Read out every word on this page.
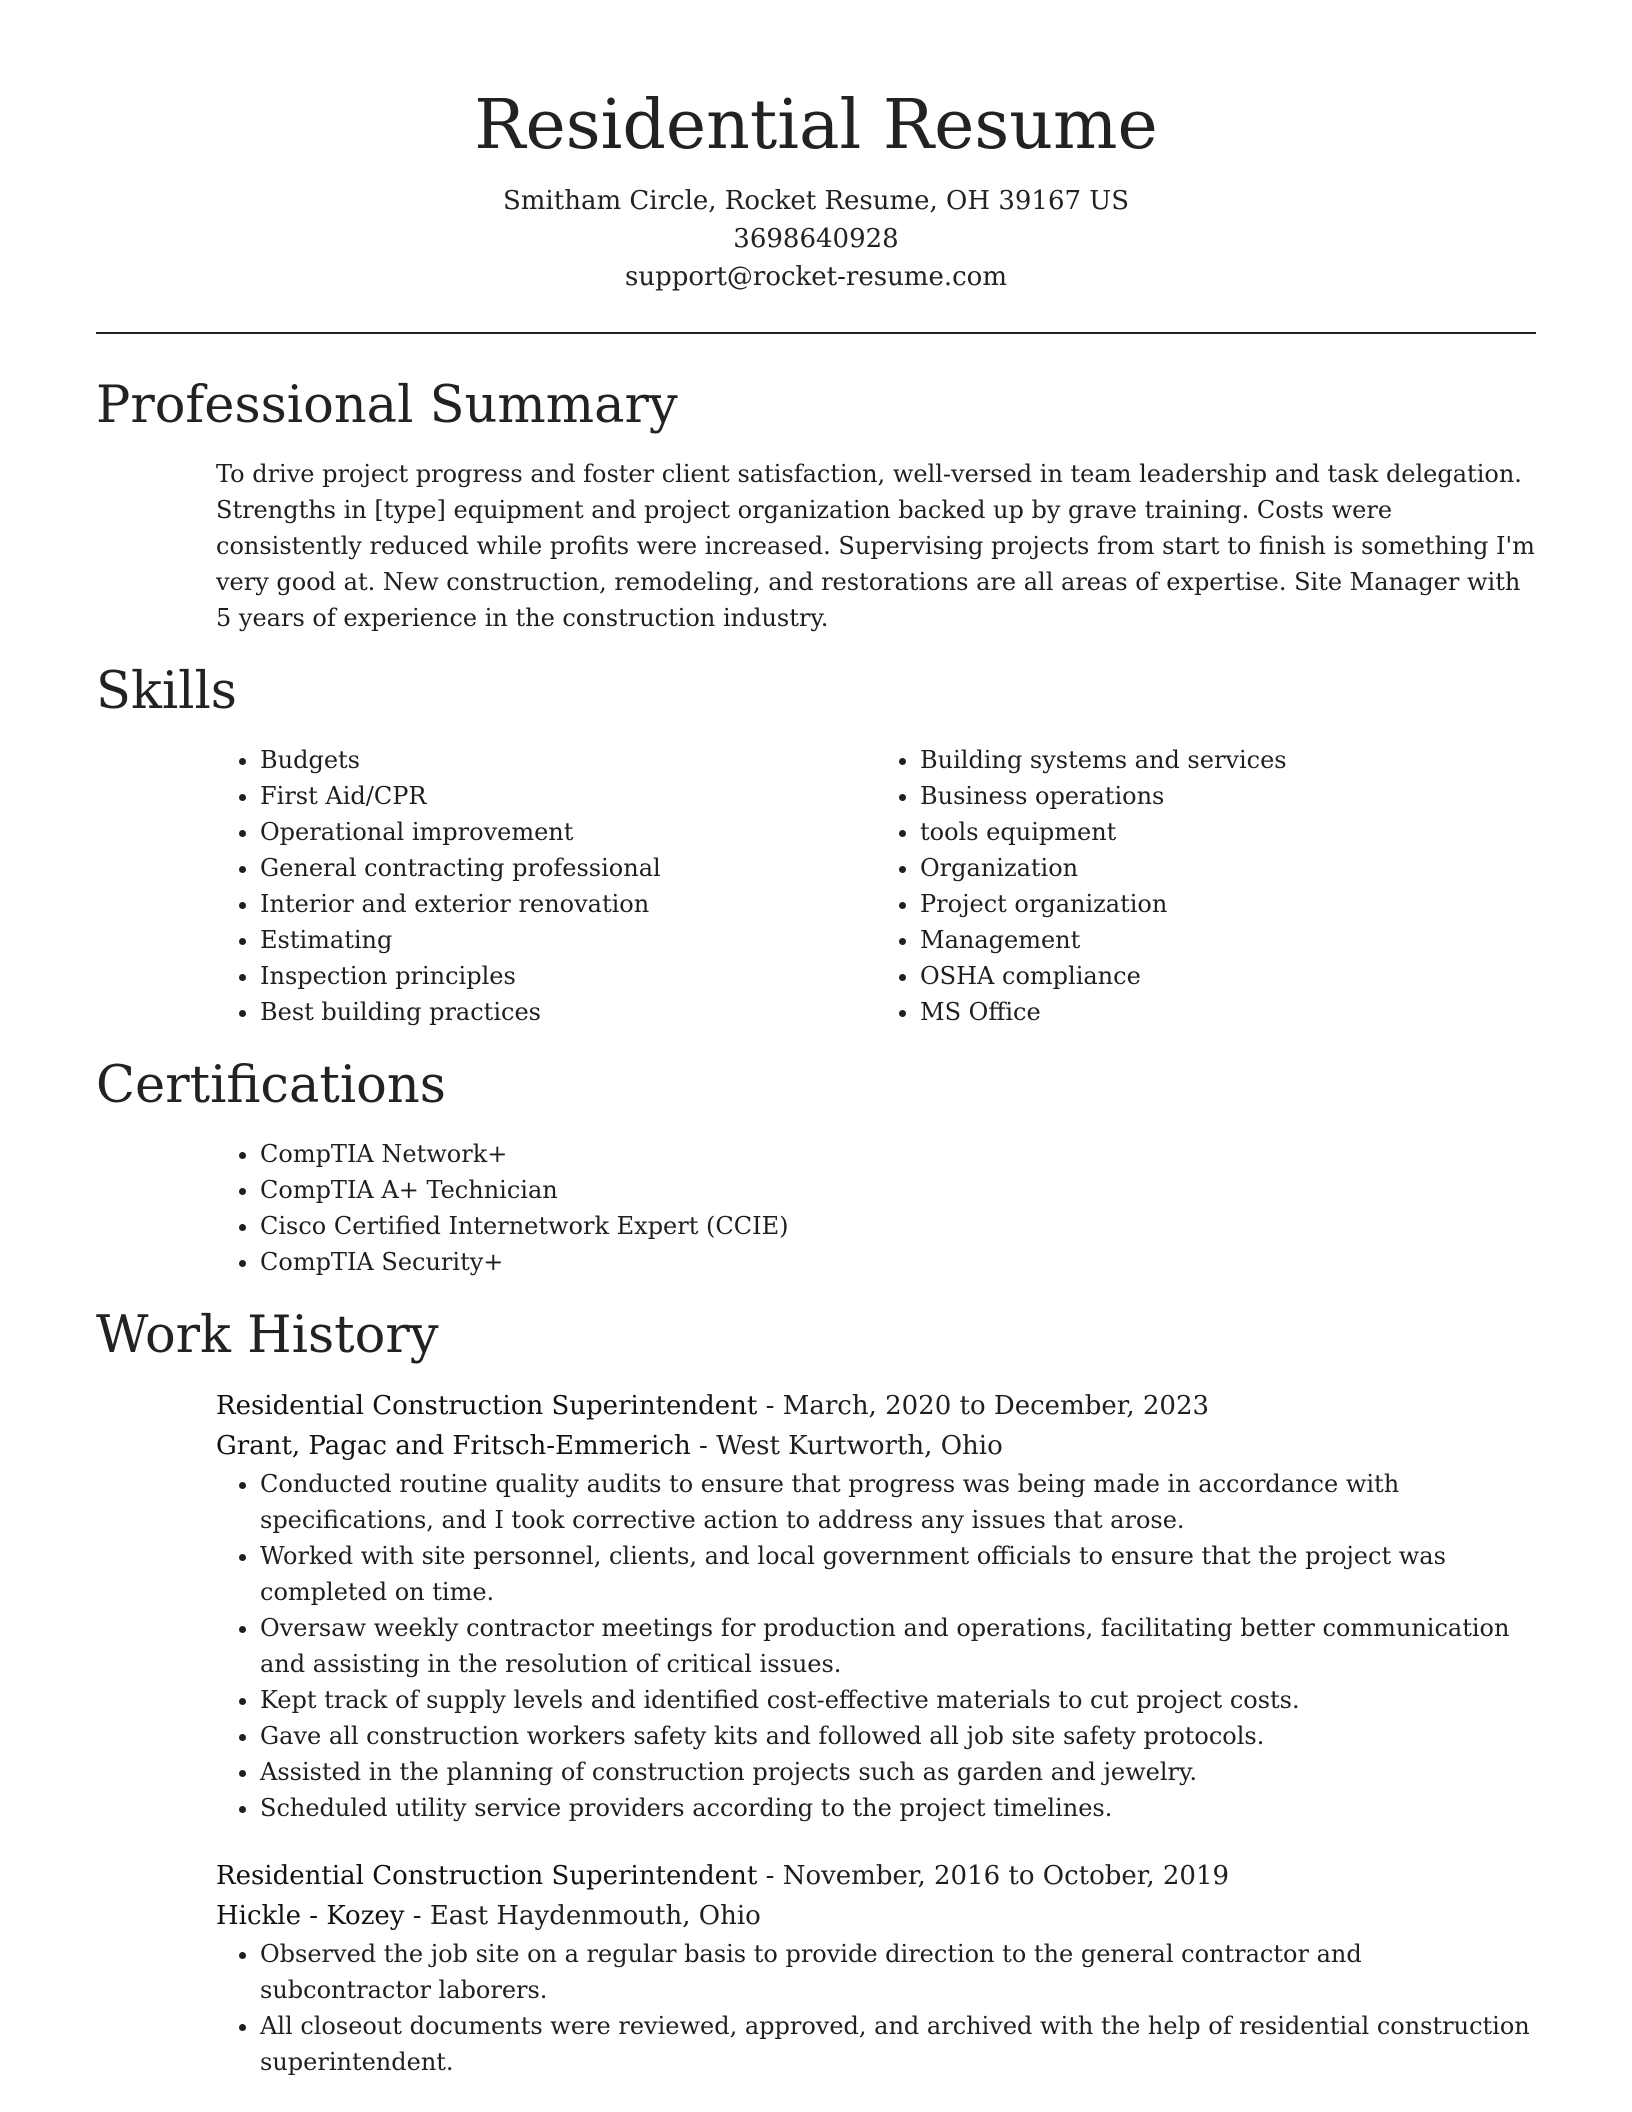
Residential Resume
Smitham Circle, Rocket Resume, OH 39167 US
3698640928
support@rocket-resume.com
Professional Summary

To drive project progress and foster client satisfaction, well-versed in team leadership and task delegation. Strengths in [type] equipment and project organization backed up by grave training. Costs were consistently reduced while profits were increased. Supervising projects from start to finish is something I'm very good at. New construction, remodeling, and restorations are all areas of expertise. Site Manager with 5 years of experience in the construction industry.

Skills
• Budgets
• First Aid/CPR
• Operational improvement
• General contracting professional
• Interior and exterior renovation
• Estimating
• Inspection principles
• Best building practices
• Building systems and services
• Business operations
• tools equipment
• Organization
• Project organization
• Management
• OSHA compliance
• MS Office
Certifications
• CompTIA Network+
• CompTIA A+ Technician
• Cisco Certified Internetwork Expert (CCIE)
• CompTIA Security+
Work History
Residential Construction Superintendent - March, 2020 to December, 2023
Grant, Pagac and Fritsch-Emmerich - West Kurtworth, Ohio
• Conducted routine quality audits to ensure that progress was being made in accordance with specifications, and I took corrective action to address any issues that arose.
• Worked with site personnel, clients, and local government officials to ensure that the project was completed on time.
• Oversaw weekly contractor meetings for production and operations, facilitating better communication and assisting in the resolution of critical issues.
• Kept track of supply levels and identified cost-effective materials to cut project costs.
• Gave all construction workers safety kits and followed all job site safety protocols.
• Assisted in the planning of construction projects such as garden and jewelry.
• Scheduled utility service providers according to the project timelines.
Residential Construction Superintendent - November, 2016 to October, 2019
Hickle - Kozey - East Haydenmouth, Ohio
• Observed the job site on a regular basis to provide direction to the general contractor and subcontractor laborers.
• All closeout documents were reviewed, approved, and archived with the help of residential construction superintendent.
